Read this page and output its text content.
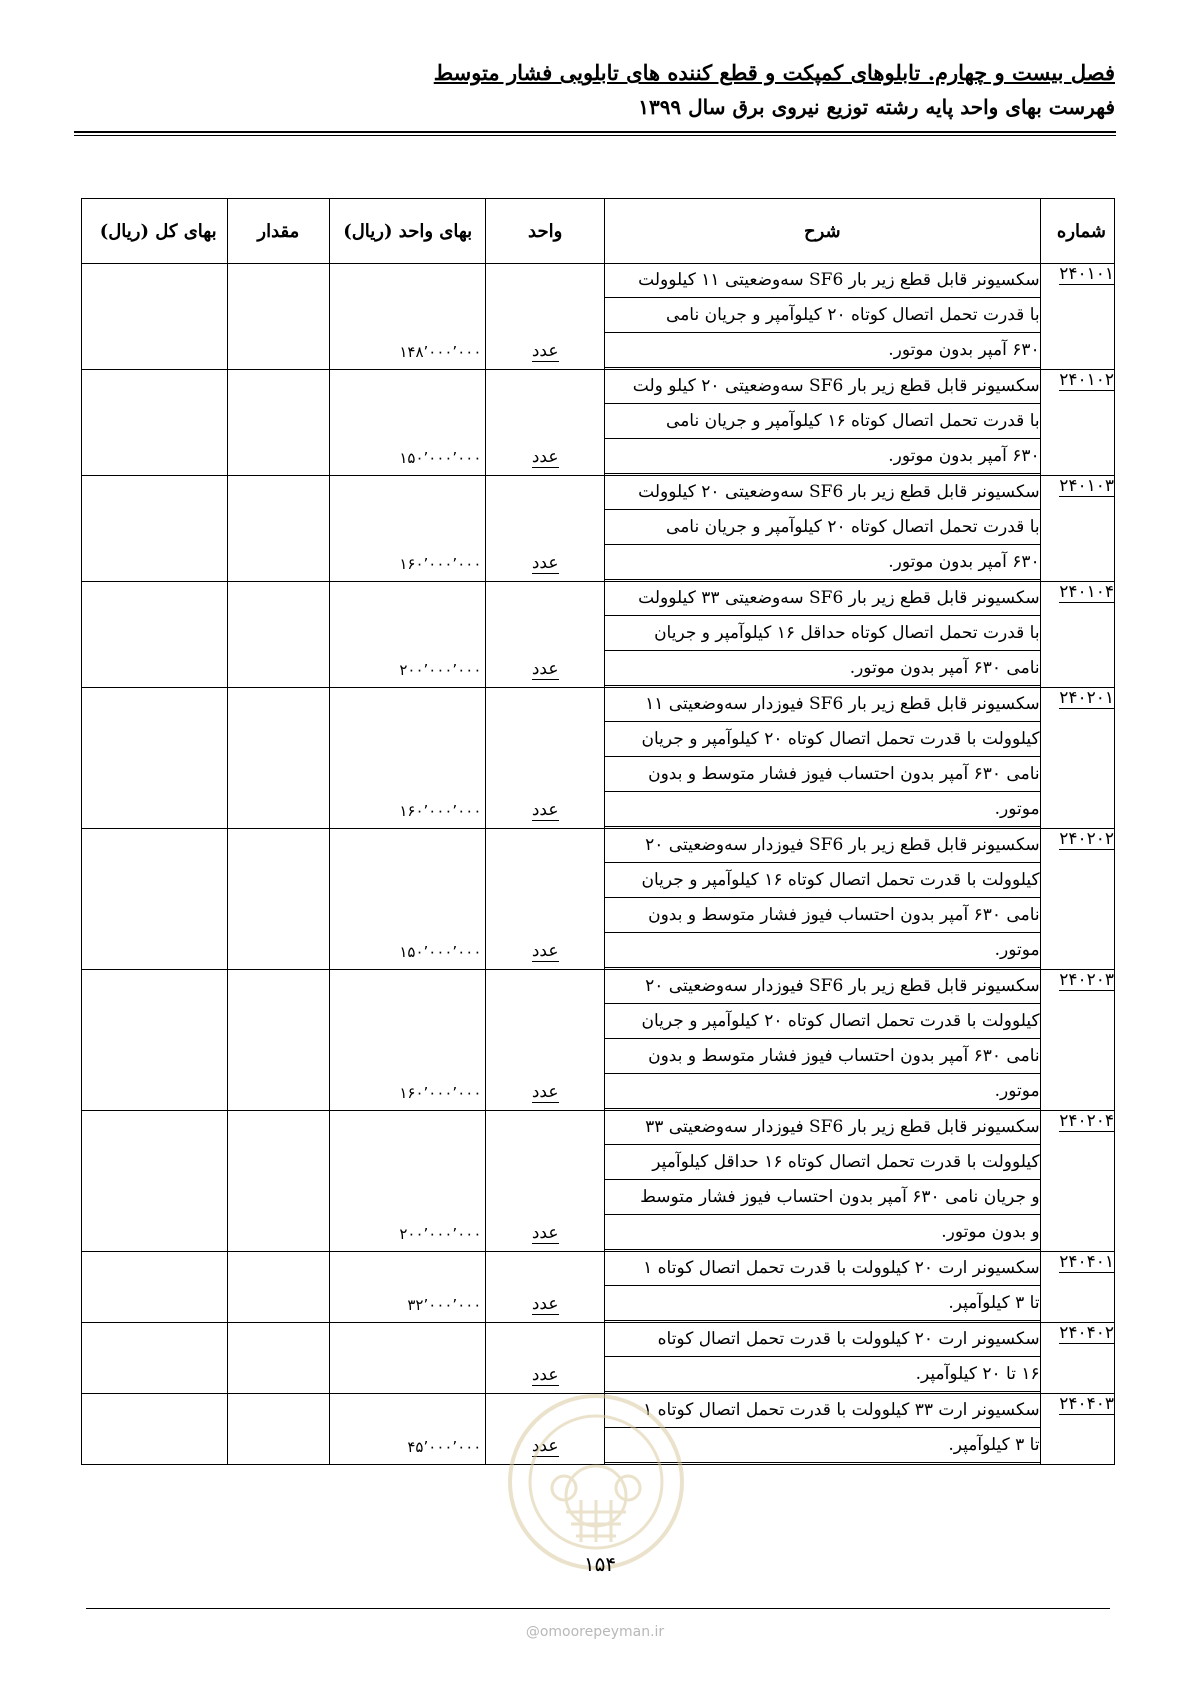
فصل بیست و چهارم. تابلوهای کمپکت و قطع کننده های تابلویی فشار متوسط
فهرست بهای واحد پایه رشته توزیع نیروی برق سال ۱۳۹۹
شماره	شرح	واحد	بهای واحد (ریال)	مقدار	بهای کل (ریال)
۲۴۰۱۰۱	سکسیونر قابل قطع زیر بار SF6 سه‌وضعیتی ۱۱ کیلوولت
با قدرت تحمل اتصال کوتاه ۲۰ کیلوآمپر و جریان نامی
۶۳۰ آمپر بدون موتور.	عدد	۱۴۸٬۰۰۰٬۰۰۰		
۲۴۰۱۰۲	سکسیونر قابل قطع زیر بار SF6 سه‌وضعیتی ۲۰ کیلو ولت
با قدرت تحمل اتصال کوتاه ۱۶ کیلوآمپر و جریان نامی
۶۳۰ آمپر بدون موتور.	عدد	۱۵۰٬۰۰۰٬۰۰۰		
۲۴۰۱۰۳	سکسیونر قابل قطع زیر بار SF6 سه‌وضعیتی ۲۰ کیلوولت
با قدرت تحمل اتصال کوتاه ۲۰ کیلوآمپر و جریان نامی
۶۳۰ آمپر بدون موتور.	عدد	۱۶۰٬۰۰۰٬۰۰۰		
۲۴۰۱۰۴	سکسیونر قابل قطع زیر بار SF6 سه‌وضعیتی ۳۳ کیلوولت
با قدرت تحمل اتصال کوتاه حداقل ۱۶ کیلوآمپر و جریان
نامی ۶۳۰ آمپر بدون موتور.	عدد	۲۰۰٬۰۰۰٬۰۰۰		
۲۴۰۲۰۱	سکسیونر قابل قطع زیر بار SF6 فیوزدار سه‌وضعیتی ۱۱
کیلوولت با قدرت تحمل اتصال کوتاه ۲۰ کیلوآمپر و جریان
نامی ۶۳۰ آمپر بدون احتساب فیوز فشار متوسط و بدون
موتور.	عدد	۱۶۰٬۰۰۰٬۰۰۰		
۲۴۰۲۰۲	سکسیونر قابل قطع زیر بار SF6 فیوزدار سه‌وضعیتی ۲۰
کیلوولت با قدرت تحمل اتصال کوتاه ۱۶ کیلوآمپر و جریان
نامی ۶۳۰ آمپر بدون احتساب فیوز فشار متوسط و بدون
موتور.	عدد	۱۵۰٬۰۰۰٬۰۰۰		
۲۴۰۲۰۳	سکسیونر قابل قطع زیر بار SF6 فیوزدار سه‌وضعیتی ۲۰
کیلوولت با قدرت تحمل اتصال کوتاه ۲۰ کیلوآمپر و جریان
نامی ۶۳۰ آمپر بدون احتساب فیوز فشار متوسط و بدون
موتور.	عدد	۱۶۰٬۰۰۰٬۰۰۰		
۲۴۰۲۰۴	سکسیونر قابل قطع زیر بار SF6 فیوزدار سه‌وضعیتی ۳۳
کیلوولت با قدرت تحمل اتصال کوتاه ۱۶ حداقل کیلوآمپر
و جریان نامی ۶۳۰ آمپر بدون احتساب فیوز فشار متوسط
و بدون موتور.	عدد	۲۰۰٬۰۰۰٬۰۰۰		
۲۴۰۴۰۱	سکسیونر ارت ۲۰ کیلوولت با قدرت تحمل اتصال کوتاه ۱
تا ۳ کیلوآمپر.	عدد	۳۲٬۰۰۰٬۰۰۰		
۲۴۰۴۰۲	سکسیونر ارت ۲۰ کیلوولت با قدرت تحمل اتصال کوتاه
۱۶ تا ۲۰ کیلوآمپر.	عدد			
۲۴۰۴۰۳	سکسیونر ارت ۳۳ کیلوولت با قدرت تحمل اتصال کوتاه ۱
تا ۳ کیلوآمپر.	عدد	۴۵٬۰۰۰٬۰۰۰		
۱۵۴
@omoorepeyman.ir
